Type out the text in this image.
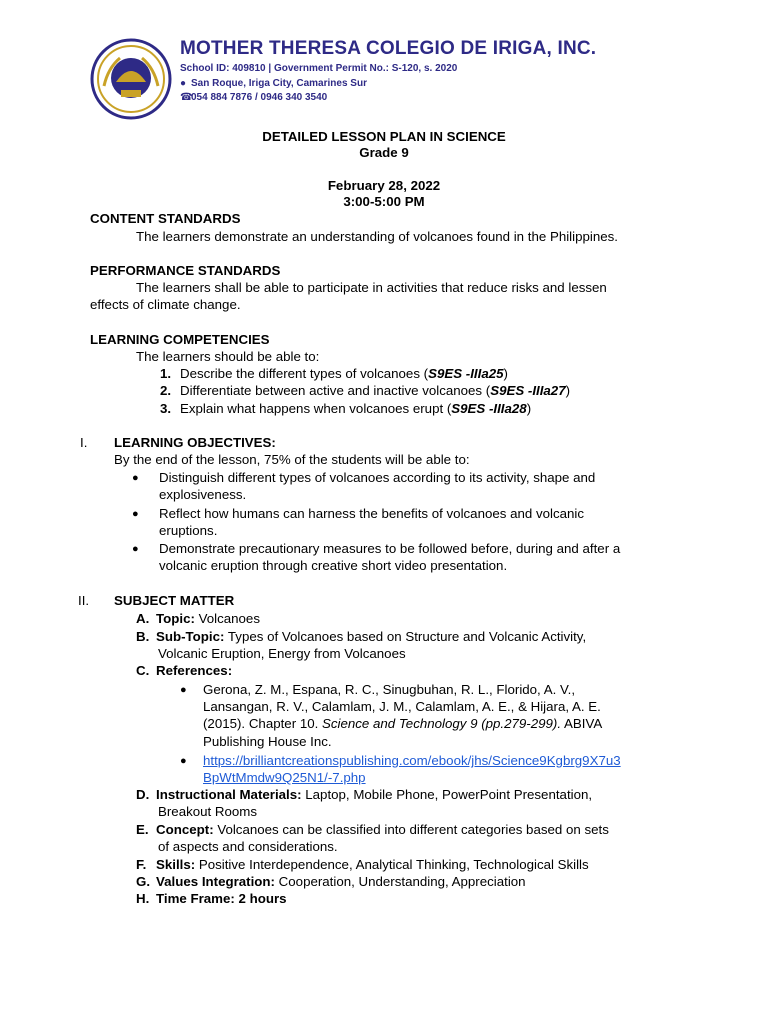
MOTHER THERESA COLEGIO DE IRIGA, INC.
School ID: 409810 | Government Permit No.: S-120, s. 2020
● San Roque, Iriga City, Camarines Sur
☎054 884 7876 / 0946 340 3540
DETAILED LESSON PLAN IN SCIENCE
Grade 9
February 28, 2022
3:00-5:00 PM
CONTENT STANDARDS
The learners demonstrate an understanding of volcanoes found in the Philippines.
PERFORMANCE STANDARDS
The learners shall be able to participate in activities that reduce risks and lessen
effects of climate change.
LEARNING COMPETENCIES
The learners should be able to:
1. Describe the different types of volcanoes (S9ES -IIIa25)
2. Differentiate between active and inactive volcanoes (S9ES -IIIa27)
3. Explain what happens when volcanoes erupt (S9ES -IIIa28)
I. LEARNING OBJECTIVES:
By the end of the lesson, 75% of the students will be able to:
● Distinguish different types of volcanoes according to its activity, shape and
explosiveness.
● Reflect how humans can harness the benefits of volcanoes and volcanic
eruptions.
● Demonstrate precautionary measures to be followed before, during and after a
volcanic eruption through creative short video presentation.
II. SUBJECT MATTER
A. Topic: Volcanoes
B. Sub-Topic: Types of Volcanoes based on Structure and Volcanic Activity,
Volcanic Eruption, Energy from Volcanoes
C. References:
● Gerona, Z. M., Espana, R. C., Sinugbuhan, R. L., Florido, A. V.,
Lansangan, R. V., Calamlam, J. M., Calamlam, A. E., & Hijara, A. E.
(2015). Chapter 10. Science and Technology 9 (pp.279-299). ABIVA
Publishing House Inc.
● https://brilliantcreationspublishing.com/ebook/jhs/Science9Kgbrg9X7u3
BpWtMmdw9Q25N1/-7.php
D. Instructional Materials: Laptop, Mobile Phone, PowerPoint Presentation,
Breakout Rooms
E. Concept: Volcanoes can be classified into different categories based on sets
of aspects and considerations.
F. Skills: Positive Interdependence, Analytical Thinking, Technological Skills
G. Values Integration: Cooperation, Understanding, Appreciation
H. Time Frame: 2 hours
